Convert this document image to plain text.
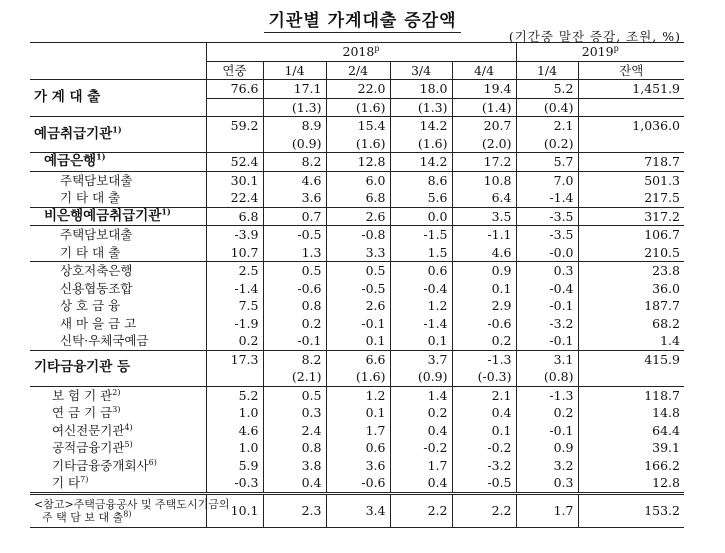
기관별 가계대출 증감액
(기간중 말잔 증감, 조원, %)
	2018$^p$					2019$^p$
	연중	1/4	2/4	3/4	4/4	1/4	잔액
가 계 대 출	76.6	17.1	22.0	18.0	19.4	5.2	1,451.9
		(1.3)	(1.6)	(1.3)	(1.4)	(0.4)	
예금취급기관$^{1)}$	59.2	8.9	15.4	14.2	20.7	2.1	1,036.0
		(0.9)	(1.6)	(1.6)	(2.0)	(0.2)	
예금은행$^{1)}$	52.4	8.2	12.8	14.2	17.2	5.7	718.7
주택담보대출	30.1	4.6	6.0	8.6	10.8	7.0	501.3
기 타 대 출	22.4	3.6	6.8	5.6	6.4	-1.4	217.5
비은행예금취급기관$^{1)}$	6.8	0.7	2.6	0.0	3.5	-3.5	317.2
주택담보대출	-3.9	-0.5	-0.8	-1.5	-1.1	-3.5	106.7
기 타 대 출	10.7	1.3	3.3	1.5	4.6	-0.0	210.5
상호저축은행	2.5	0.5	0.5	0.6	0.9	0.3	23.8
신용협동조합	-1.4	-0.6	-0.5	-0.4	0.1	-0.4	36.0
상 호 금 융	7.5	0.8	2.6	1.2	2.9	-0.1	187.7
새 마 을 금 고	-1.9	0.2	-0.1	-1.4	-0.6	-3.2	68.2
신탁·우체국예금	0.2	-0.1	0.1	0.1	0.2	-0.1	1.4
기타금융기관 등	17.3	8.2	6.6	3.7	-1.3	3.1	415.9
		(2.1)	(1.6)	(0.9)	(-0.3)	(0.8)	
보 험 기 관$^{2)}$	5.2	0.5	1.2	1.4	2.1	-1.3	118.7
연 금 기 금$^{3)}$	1.0	0.3	0.1	0.2	0.4	0.2	14.8
여신전문기관$^{4)}$	4.6	2.4	1.7	0.4	0.1	-0.1	64.4
공적금융기관$^{5)}$	1.0	0.8	0.6	-0.2	-0.2	0.9	39.1
기타금융중개회사$^{6)}$	5.9	3.8	3.6	1.7	-3.2	3.2	166.2
기 타$^{7)}$	-0.3	0.4	-0.6	0.4	-0.5	0.3	12.8

<참고>주택금융공사 및 주택도시기금의
주 택 담 보 대 출$^{8)}$	10.1	2.3	3.4	2.2	2.2	1.7	153.2
